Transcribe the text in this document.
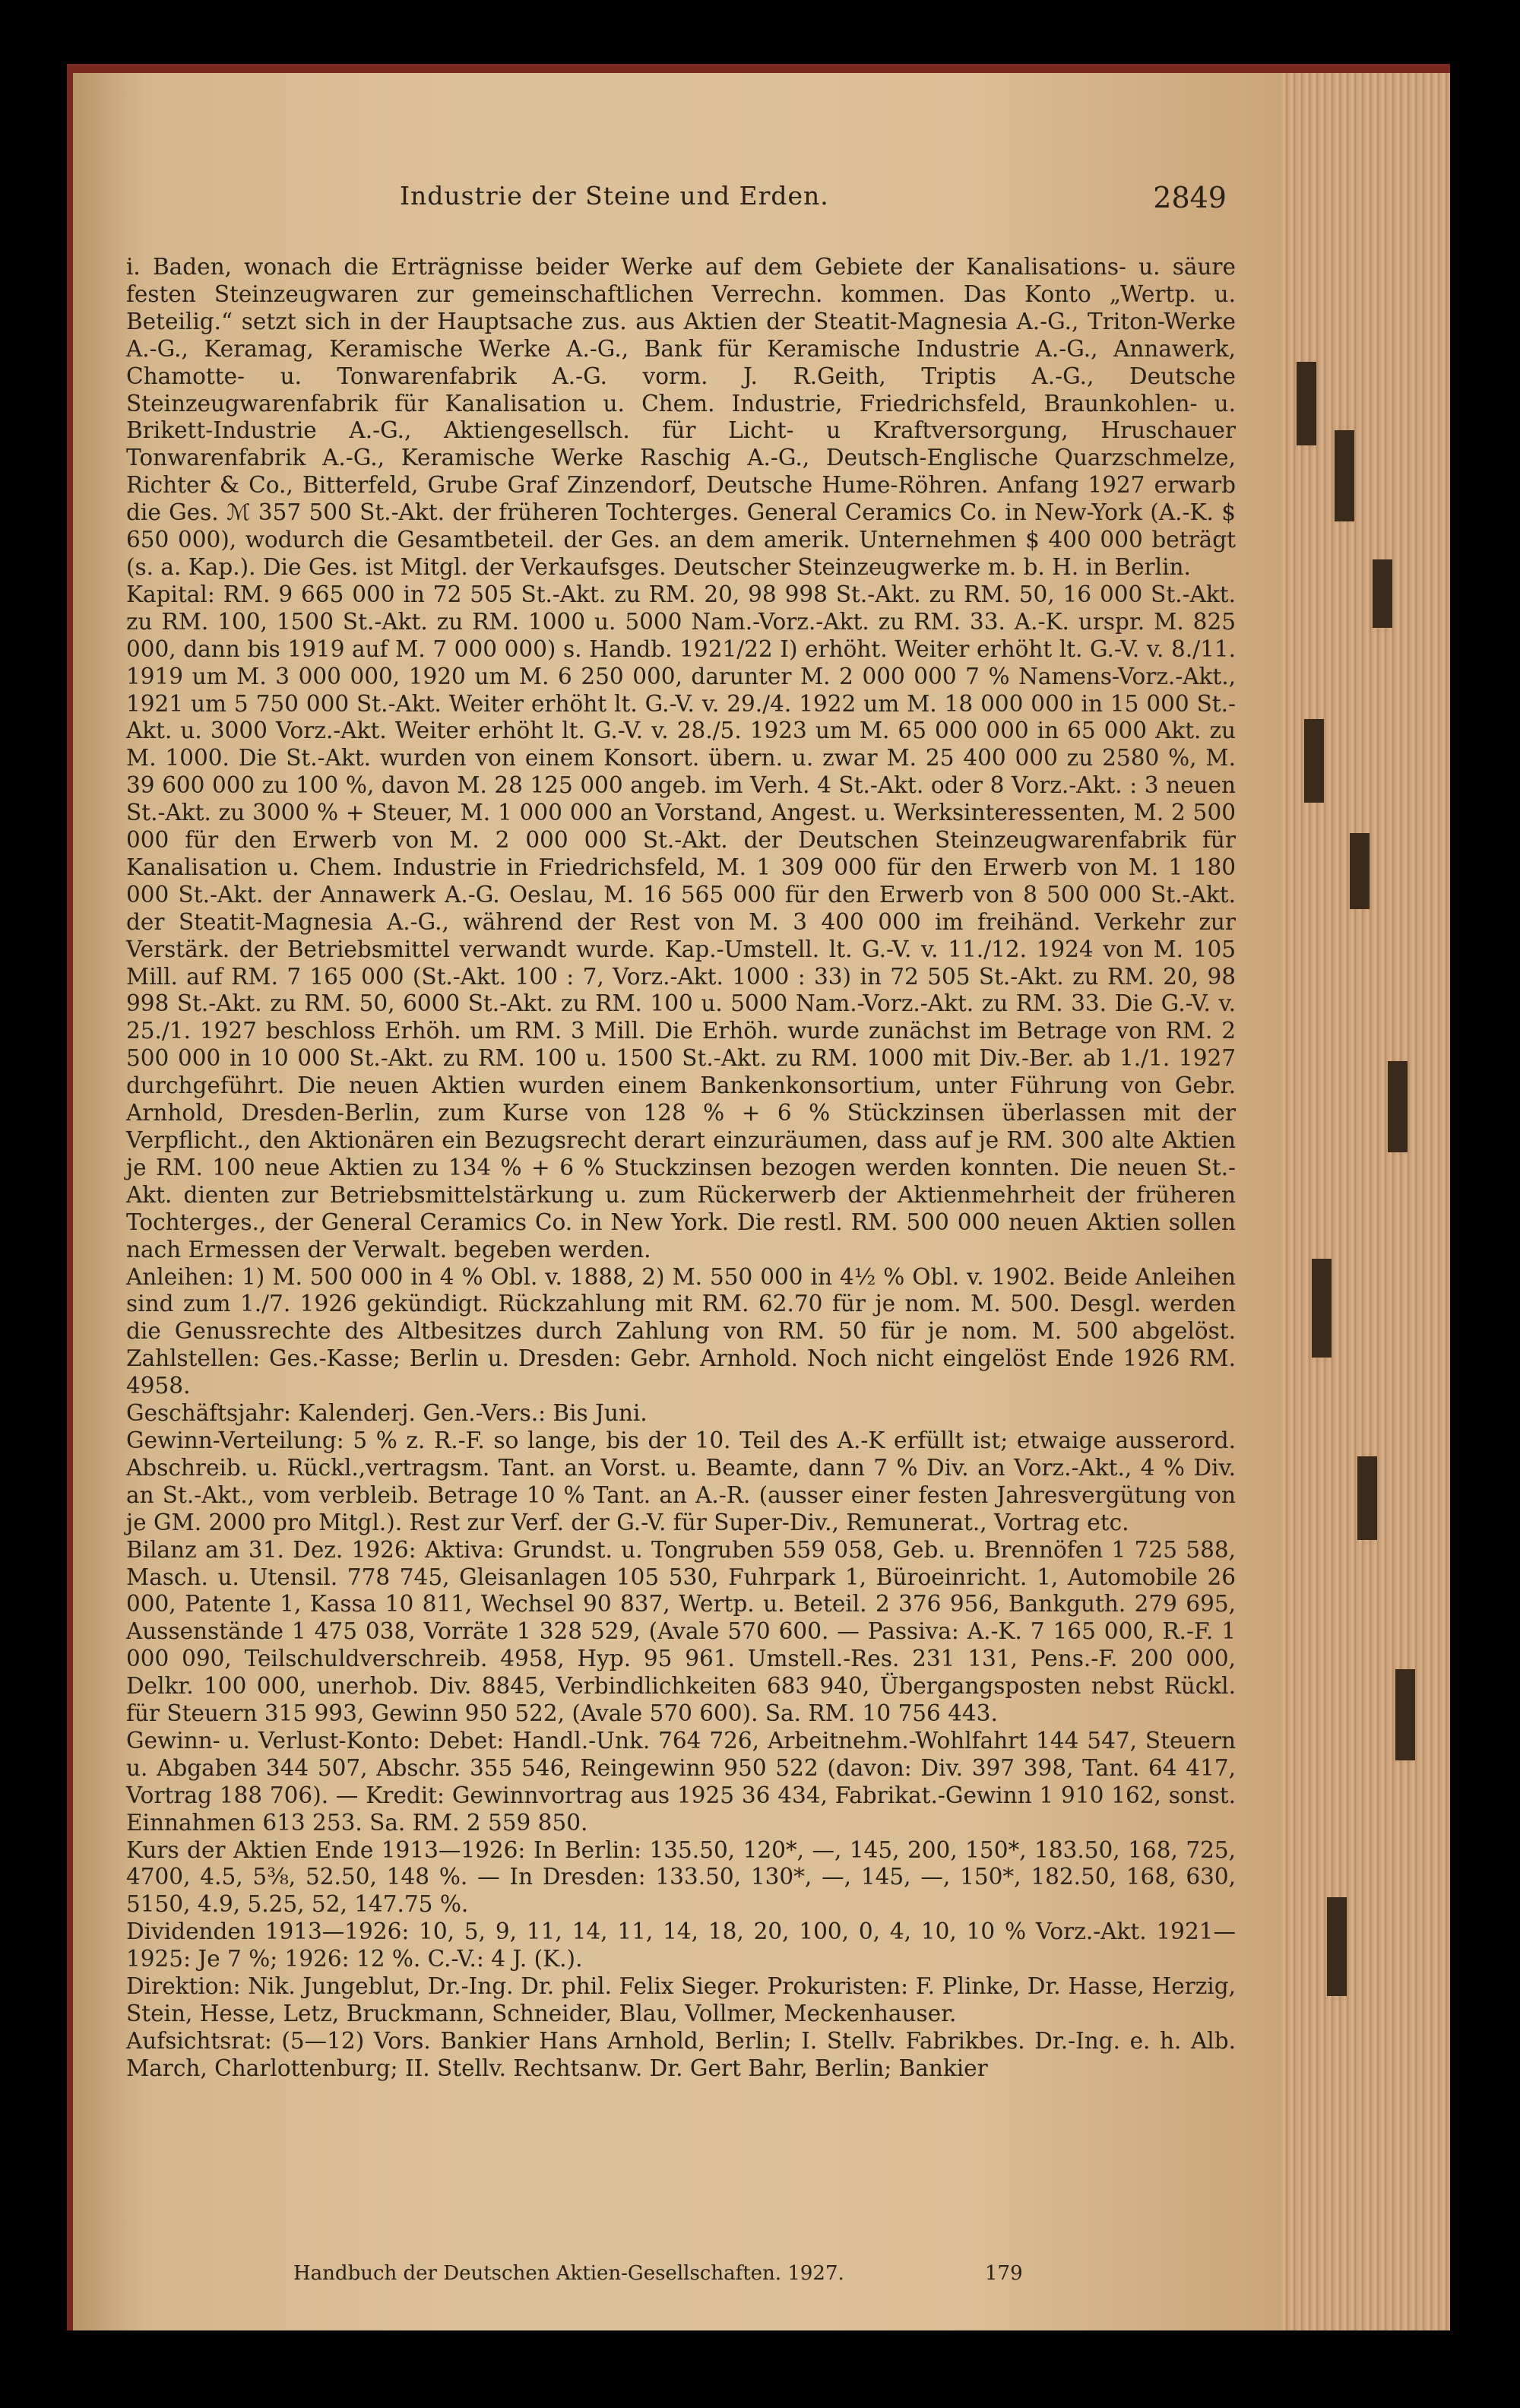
Industrie der Steine und Erden.	2849

i. Baden, wonach die Erträgnisse beider Werke auf dem Gebiete der Kanalisations- u. säure festen Steinzeugwaren zur gemeinschaftlichen Verrechn. kommen. Das Konto „Wertp. u. Beteilig.“ setzt sich in der Hauptsache zus. aus Aktien der Steatit-Magnesia A.-G., Triton-Werke A.-G., Keramag, Keramische Werke A.-G., Bank für Keramische Industrie A.-G., Annawerk, Chamotte- u. Tonwarenfabrik A.-G. vorm. J. R.Geith, Triptis A.-G., Deutsche Steinzeugwarenfabrik für Kanalisation u. Chem. Industrie, Friedrichsfeld, Braunkohlen- u. Brikett-Industrie A.-G., Aktiengesellsch. für Licht- u Kraftversorgung, Hruschauer Tonwarenfabrik A.-G., Keramische Werke Raschig A.-G., Deutsch-Englische Quarzschmelze, Richter & Co., Bitterfeld, Grube Graf Zinzendorf, Deutsche Hume-Röhren. Anfang 1927 erwarb die Ges. ℳ 357 500 St.-Akt. der früheren Tochterges. General Ceramics Co. in New-York (A.-K. $ 650 000), wodurch die Gesamtbeteil. der Ges. an dem amerik. Unternehmen $ 400 000 beträgt (s. a. Kap.). Die Ges. ist Mitgl. der Verkaufsges. Deutscher Steinzeugwerke m. b. H. in Berlin.

Kapital: RM. 9 665 000 in 72 505 St.-Akt. zu RM. 20, 98 998 St.-Akt. zu RM. 50, 16 000 St.-Akt. zu RM. 100, 1500 St.-Akt. zu RM. 1000 u. 5000 Nam.-Vorz.-Akt. zu RM. 33. A.-K. urspr. M. 825 000, dann bis 1919 auf M. 7 000 000) s. Handb. 1921/22 I) erhöht. Weiter erhöht lt. G.-V. v. 8./11. 1919 um M. 3 000 000, 1920 um M. 6 250 000, darunter M. 2 000 000 7 % Namens-Vorz.-Akt., 1921 um 5 750 000 St.-Akt. Weiter erhöht lt. G.-V. v. 29./4. 1922 um M. 18 000 000 in 15 000 St.-Akt. u. 3000 Vorz.-Akt. Weiter erhöht lt. G.-V. v. 28./5. 1923 um M. 65 000 000 in 65 000 Akt. zu M. 1000. Die St.-Akt. wurden von einem Konsort. übern. u. zwar M. 25 400 000 zu 2580 %, M. 39 600 000 zu 100 %, davon M. 28 125 000 angeb. im Verh. 4 St.-Akt. oder 8 Vorz.-Akt. : 3 neuen St.-Akt. zu 3000 % + Steuer, M. 1 000 000 an Vorstand, Angest. u. Werksinteressenten, M. 2 500 000 für den Erwerb von M. 2 000 000 St.-Akt. der Deutschen Steinzeugwarenfabrik für Kanalisation u. Chem. Industrie in Friedrichsfeld, M. 1 309 000 für den Erwerb von M. 1 180 000 St.-Akt. der Annawerk A.-G. Oeslau, M. 16 565 000 für den Erwerb von 8 500 000 St.-Akt. der Steatit-Magnesia A.-G., während der Rest von M. 3 400 000 im freihänd. Verkehr zur Verstärk. der Betriebsmittel verwandt wurde. Kap.-Umstell. lt. G.-V. v. 11./12. 1924 von M. 105 Mill. auf RM. 7 165 000 (St.-Akt. 100 : 7, Vorz.-Akt. 1000 : 33) in 72 505 St.-Akt. zu RM. 20, 98 998 St.-Akt. zu RM. 50, 6000 St.-Akt. zu RM. 100 u. 5000 Nam.-Vorz.-Akt. zu RM. 33. Die G.-V. v. 25./1. 1927 beschloss Erhöh. um RM. 3 Mill. Die Erhöh. wurde zunächst im Betrage von RM. 2 500 000 in 10 000 St.-Akt. zu RM. 100 u. 1500 St.-Akt. zu RM. 1000 mit Div.-Ber. ab 1./1. 1927 durchgeführt. Die neuen Aktien wurden einem Bankenkonsortium, unter Führung von Gebr. Arnhold, Dresden-Berlin, zum Kurse von 128 % + 6 % Stückzinsen überlassen mit der Verpflicht., den Aktionären ein Bezugsrecht derart einzuräumen, dass auf je RM. 300 alte Aktien je RM. 100 neue Aktien zu 134 % + 6 % Stuckzinsen bezogen werden konnten. Die neuen St.-Akt. dienten zur Betriebsmittelstärkung u. zum Rückerwerb der Aktienmehrheit der früheren Tochterges., der General Ceramics Co. in New York. Die restl. RM. 500 000 neuen Aktien sollen nach Ermessen der Verwalt. begeben werden.

Anleihen: 1) M. 500 000 in 4 % Obl. v. 1888, 2) M. 550 000 in 4½ % Obl. v. 1902. Beide Anleihen sind zum 1./7. 1926 gekündigt. Rückzahlung mit RM. 62.70 für je nom. M. 500. Desgl. werden die Genussrechte des Altbesitzes durch Zahlung von RM. 50 für je nom. M. 500 abgelöst. Zahlstellen: Ges.-Kasse; Berlin u. Dresden: Gebr. Arnhold. Noch nicht eingelöst Ende 1926 RM. 4958.

Geschäftsjahr: Kalenderj. Gen.-Vers.: Bis Juni.

Gewinn-Verteilung: 5 % z. R.-F. so lange, bis der 10. Teil des A.-K erfüllt ist; etwaige ausserord. Abschreib. u. Rückl.,vertragsm. Tant. an Vorst. u. Beamte, dann 7 % Div. an Vorz.-Akt., 4 % Div. an St.-Akt., vom verbleib. Betrage 10 % Tant. an A.-R. (ausser einer festen Jahresvergütung von je GM. 2000 pro Mitgl.). Rest zur Verf. der G.-V. für Super-Div., Remunerat., Vortrag etc.

Bilanz am 31. Dez. 1926: Aktiva: Grundst. u. Tongruben 559 058, Geb. u. Brennöfen 1 725 588, Masch. u. Utensil. 778 745, Gleisanlagen 105 530, Fuhrpark 1, Büroeinricht. 1, Automobile 26 000, Patente 1, Kassa 10 811, Wechsel 90 837, Wertp. u. Beteil. 2 376 956, Bankguth. 279 695, Aussenstände 1 475 038, Vorräte 1 328 529, (Avale 570 600. — Passiva: A.-K. 7 165 000, R.-F. 1 000 090, Teilschuldverschreib. 4958, Hyp. 95 961. Umstell.-Res. 231 131, Pens.-F. 200 000, Delkr. 100 000, unerhob. Div. 8845, Verbindlichkeiten 683 940, Übergangsposten nebst Rückl. für Steuern 315 993, Gewinn 950 522, (Avale 570 600). Sa. RM. 10 756 443.

Gewinn- u. Verlust-Konto: Debet: Handl.-Unk. 764 726, Arbeitnehm.-Wohlfahrt 144 547, Steuern u. Abgaben 344 507, Abschr. 355 546, Reingewinn 950 522 (davon: Div. 397 398, Tant. 64 417, Vortrag 188 706). — Kredit: Gewinnvortrag aus 1925 36 434, Fabrikat.-Gewinn 1 910 162, sonst. Einnahmen 613 253. Sa. RM. 2 559 850.

Kurs der Aktien Ende 1913—1926: In Berlin: 135.50, 120*, —, 145, 200, 150*, 183.50, 168, 725, 4700, 4.5, 5⅜, 52.50, 148 %. — In Dresden: 133.50, 130*, —, 145, —, 150*, 182.50, 168, 630, 5150, 4.9, 5.25, 52, 147.75 %.

Dividenden 1913—1926: 10, 5, 9, 11, 14, 11, 14, 18, 20, 100, 0, 4, 10, 10 % Vorz.-Akt. 1921—1925: Je 7 %; 1926: 12 %. C.-V.: 4 J. (K.).

Direktion: Nik. Jungeblut, Dr.-Ing. Dr. phil. Felix Sieger. Prokuristen: F. Plinke, Dr. Hasse, Herzig, Stein, Hesse, Letz, Bruckmann, Schneider, Blau, Vollmer, Meckenhauser.

Aufsichtsrat: (5—12) Vors. Bankier Hans Arnhold, Berlin; I. Stellv. Fabrikbes. Dr.-Ing. e. h. Alb. March, Charlottenburg; II. Stellv. Rechtsanw. Dr. Gert Bahr, Berlin; Bankier

Handbuch der Deutschen Aktien-Gesellschaften. 1927.	179
